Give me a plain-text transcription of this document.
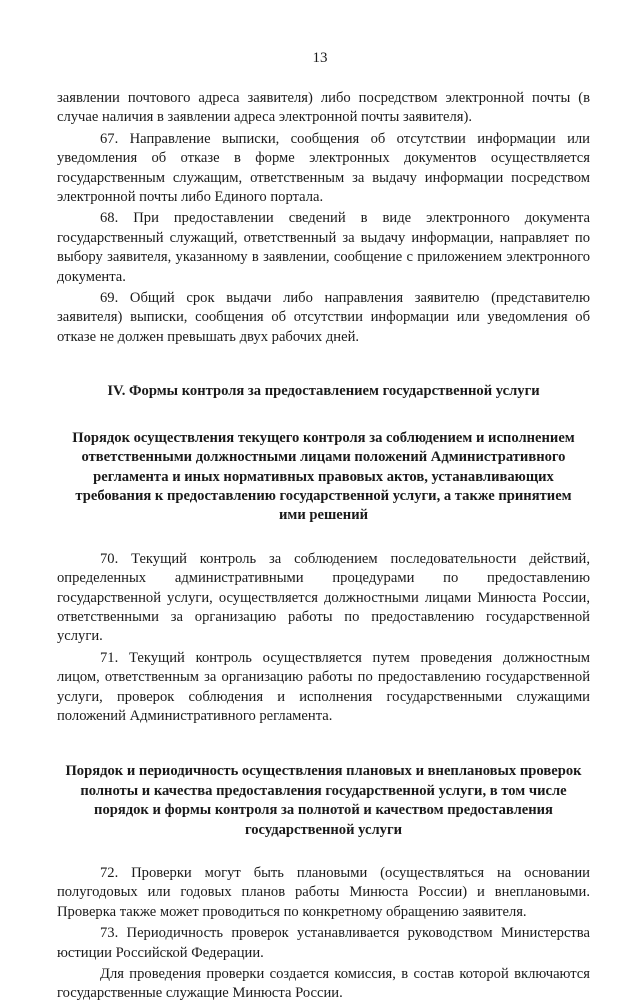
13

заявлении почтового адреса заявителя) либо посредством электронной почты (в случае наличия в заявлении адреса электронной почты заявителя).

67. Направление выписки, сообщения об отсутствии информации или уведомления об отказе в форме электронных документов осуществляется государственным служащим, ответственным за выдачу информации посредством электронной почты либо Единого портала.

68. При предоставлении сведений в виде электронного документа государственный служащий, ответственный за выдачу информации, направляет по выбору заявителя, указанному в заявлении, сообщение с приложением электронного документа.

69. Общий срок выдачи либо направления заявителю (представителю заявителя) выписки, сообщения об отсутствии информации или уведомления об отказе не должен превышать двух рабочих дней.

IV. Формы контроля за предоставлением государственной услуги
Порядок осуществления текущего контроля за соблюдением и исполнением ответственными должностными лицами положений Административного регламента и иных нормативных правовых актов, устанавливающих требования к предоставлению государственной услуги, а также принятием ими решений

70. Текущий контроль за соблюдением последовательности действий, определенных административными процедурами по предоставлению государственной услуги, осуществляется должностными лицами Минюста России, ответственными за организацию работы по предоставлению государственной услуги.

71. Текущий контроль осуществляется путем проведения должностным лицом, ответственным за организацию работы по предоставлению государственной услуги, проверок соблюдения и исполнения государственными служащими положений Административного регламента.

Порядок и периодичность осуществления плановых и внеплановых проверок полноты и качества предоставления государственной услуги, в том числе порядок и формы контроля за полнотой и качеством предоставления государственной услуги

72. Проверки могут быть плановыми (осуществляться на основании полугодовых или годовых планов работы Минюста России) и внеплановыми. Проверка также может проводиться по конкретному обращению заявителя.

73. Периодичность проверок устанавливается руководством Министерства юстиции Российской Федерации.

Для проведения проверки создается комиссия, в состав которой включаются государственные служащие Минюста России.
